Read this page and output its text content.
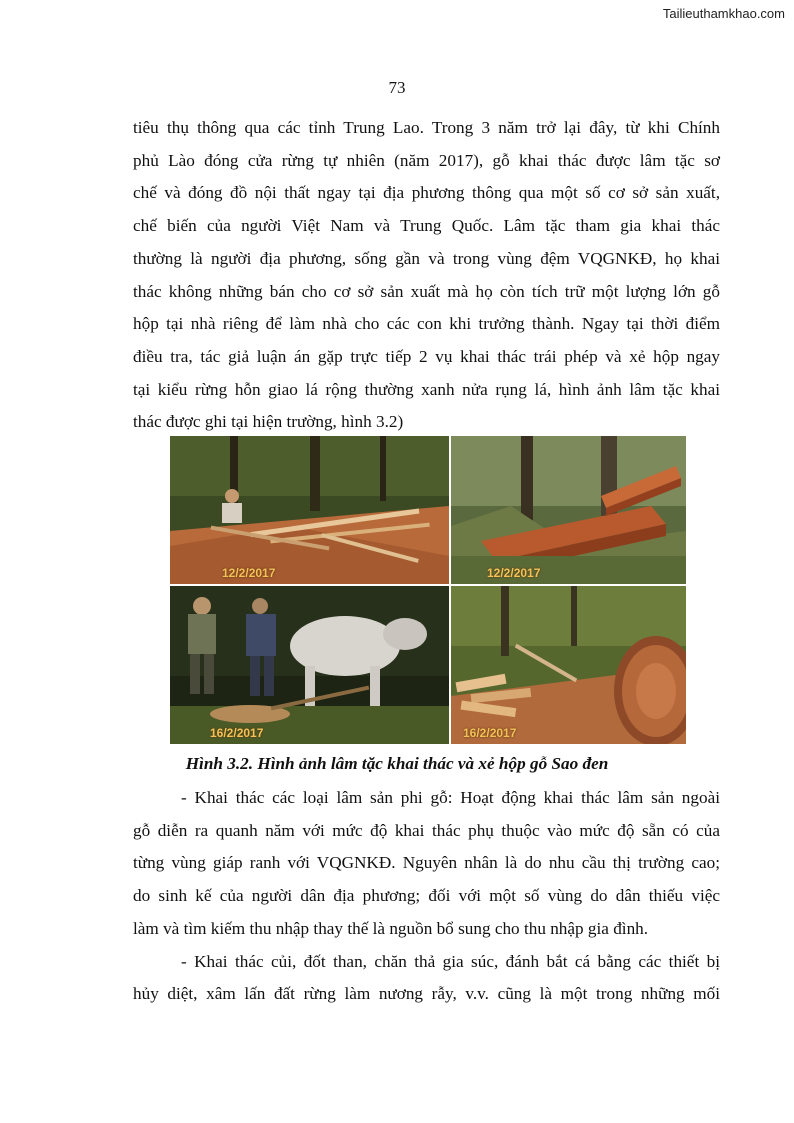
Tailieuthamkhao.com
73
tiêu thụ thông qua các tỉnh Trung Lao. Trong 3 năm trở lại đây, từ khi Chính
phủ Lào đóng cửa rừng tự nhiên (năm 2017), gỗ khai thác được lâm tặc sơ
chế và đóng đồ nội thất ngay tại địa phương thông qua một số cơ sở sản xuất,
chế biến của người Việt Nam và Trung Quốc. Lâm tặc tham gia khai thác
thường là người địa phương, sống gần và trong vùng đệm VQGNKĐ, họ khai
thác không những bán cho cơ sở sản xuất mà họ còn tích trữ một lượng lớn gỗ
hộp tại nhà riêng để làm nhà cho các con khi trưởng thành. Ngay tại thời điểm
điều tra, tác giả luận án gặp trực tiếp 2 vụ khai thác trái phép và xẻ hộp ngay
tại kiểu rừng hỗn giao lá rộng thường xanh nửa rụng lá, hình ảnh lâm tặc khai
thác được ghi tại hiện trường, hình 3.2)
12/2/2017	12/2/2017
16/2/2017	16/2/2017
Hình 3.2. Hình ảnh lâm tặc khai thác và xẻ hộp gỗ Sao đen
- Khai thác các loại lâm sản phi gỗ: Hoạt động khai thác lâm sản ngoài
gỗ diễn ra quanh năm với mức độ khai thác phụ thuộc vào mức độ sẵn có của
từng vùng giáp ranh với VQGNKĐ. Nguyên nhân là do nhu cầu thị trường cao;
do sinh kế của người dân địa phương; đối với một số vùng do dân thiếu việc
làm và tìm kiếm thu nhập thay thế là nguồn bổ sung cho thu nhập gia đình.
- Khai thác củi, đốt than, chăn thả gia súc, đánh bắt cá bằng các thiết bị
hủy diệt, xâm lấn đất rừng làm nương rẫy, v.v. cũng là một trong những mối
